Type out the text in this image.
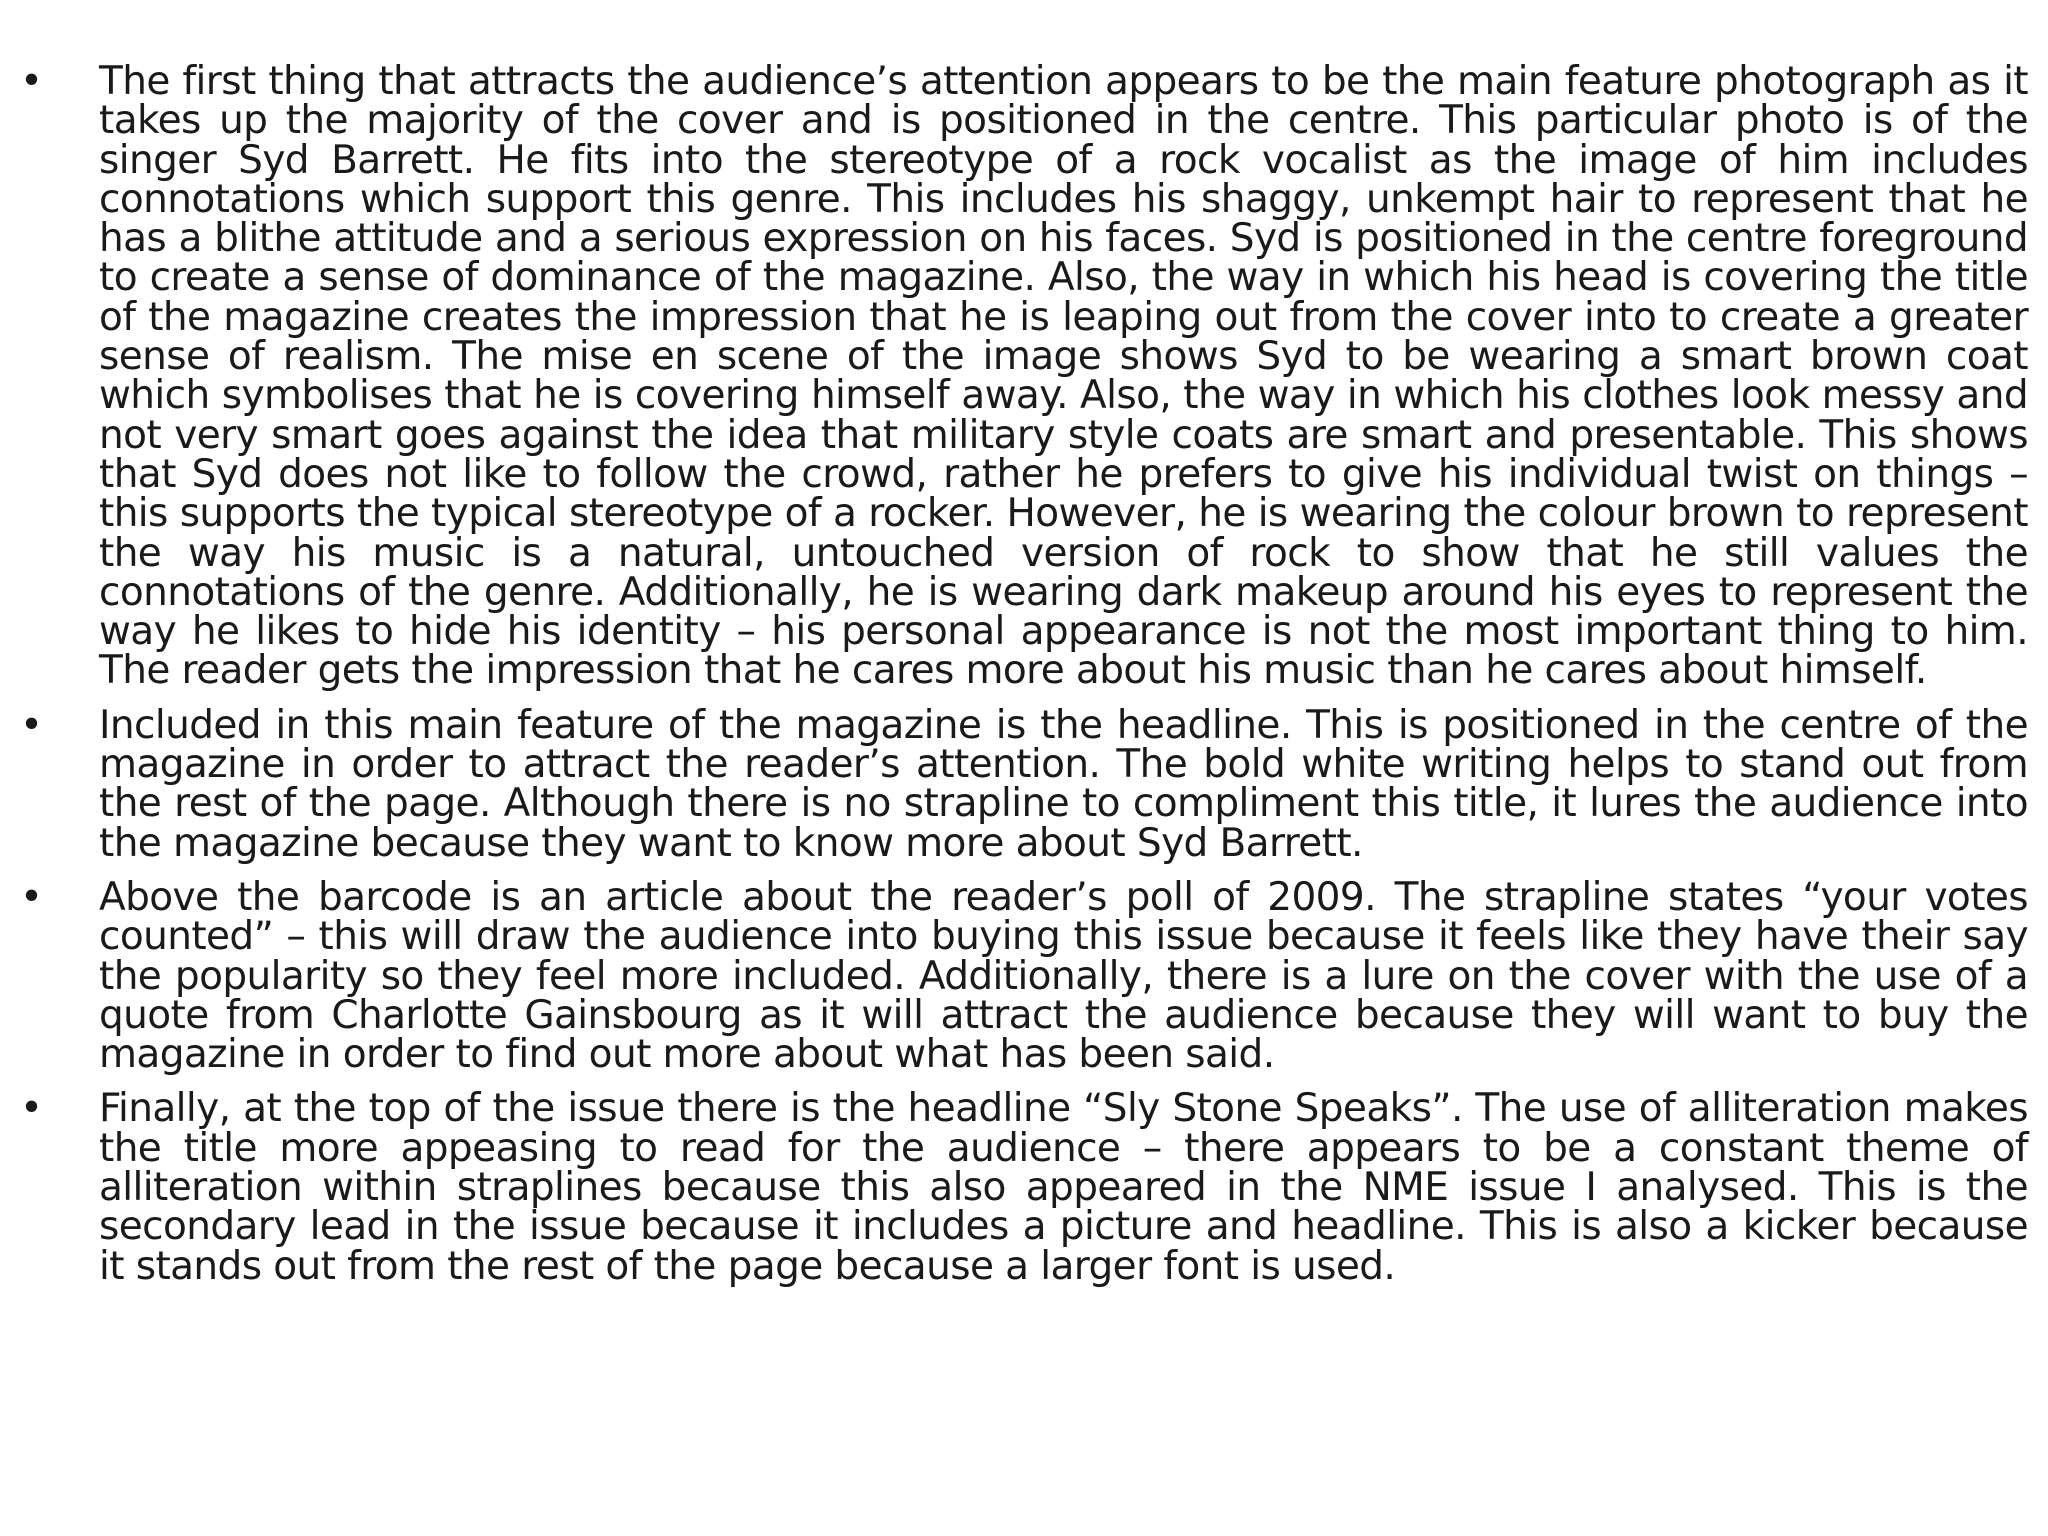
•	The first thing that attracts the audience’s attention appears to be the main feature photograph as it takes up the majority of the cover and is positioned in the centre. This particular photo is of the singer Syd Barrett. He fits into the stereotype of a rock vocalist as the image of him includes connotations which support this genre. This includes his shaggy, unkempt hair to represent that he has a blithe attitude and a serious expression on his faces. Syd is positioned in the centre foreground to create a sense of dominance of the magazine. Also, the way in which his head is covering the title of the magazine creates the impression that he is leaping out from the cover into to create a greater sense of realism. The mise en scene of the image shows Syd to be wearing a smart brown coat which symbolises that he is covering himself away. Also, the way in which his clothes look messy and not very smart goes against the idea that military style coats are smart and presentable. This shows that Syd does not like to follow the crowd, rather he prefers to give his individual twist on things – this supports the typical stereotype of a rocker. However, he is wearing the colour brown to represent the way his music is a natural, untouched version of rock to show that he still values the connotations of the genre. Additionally, he is wearing dark makeup around his eyes to represent the way he likes to hide his identity – his personal appearance is not the most important thing to him. The reader gets the impression that he cares more about his music than he cares about himself.
•	Included in this main feature of the magazine is the headline. This is positioned in the centre of the magazine in order to attract the reader’s attention. The bold white writing helps to stand out from the rest of the page. Although there is no strapline to compliment this title, it lures the audience into the magazine because they want to know more about Syd Barrett.
•	Above the barcode is an article about the reader’s poll of 2009. The strapline states “your votes counted” – this will draw the audience into buying this issue because it feels like they have their say the popularity so they feel more included. Additionally, there is a lure on the cover with the use of a quote from Charlotte Gainsbourg as it will attract the audience because they will want to buy the magazine in order to find out more about what has been said.
•	Finally, at the top of the issue there is the headline “Sly Stone Speaks”. The use of alliteration makes the title more appeasing to read for the audience – there appears to be a constant theme of alliteration within straplines because this also appeared in the NME issue I analysed. This is the secondary lead in the issue because it includes a picture and headline. This is also a kicker because it stands out from the rest of the page because a larger font is used.
